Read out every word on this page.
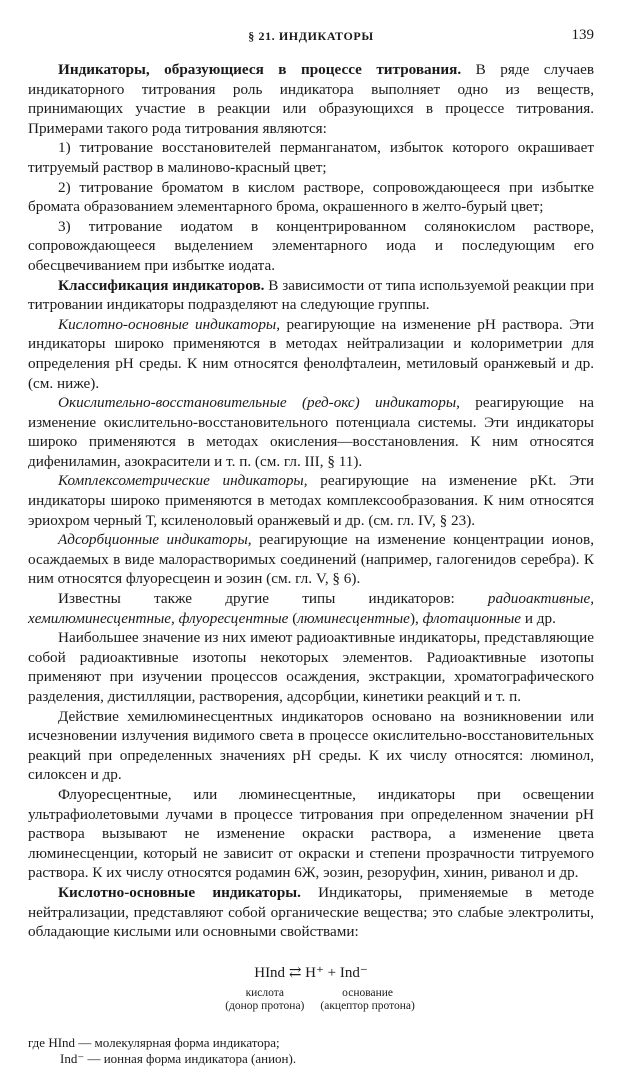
§ 21. ИНДИКАТОРЫ	139

Индикаторы, образующиеся в процессе титрования. В ряде случаев индикаторного титрования роль индикатора выполняет одно из веществ, принимающих участие в реакции или образующихся в процессе титрования. Примерами такого рода титрования являются:

1) титрование восстановителей перманганатом, избыток которого окрашивает титруемый раствор в малиново-красный цвет;

2) титрование броматом в кислом растворе, сопровождающееся при избытке бромата образованием элементарного брома, окрашенного в желто-бурый цвет;

3) титрование иодатом в концентрированном солянокислом растворе, сопровождающееся выделением элементарного иода и последующим его обесцвечиванием при избытке иодата.

Классификация индикаторов. В зависимости от типа используемой реакции при титровании индикаторы подразделяют на следующие группы.

Кислотно-основные индикаторы, реагирующие на изменение pH раствора. Эти индикаторы широко применяются в методах нейтрализации и колориметрии для определения pH среды. К ним относятся фенолфталеин, метиловый оранжевый и др. (см. ниже).

Окислительно-восстановительные (ред-окс) индикаторы, реагирующие на изменение окислительно-восстановительного потенциала системы. Эти индикаторы широко применяются в методах окисления—восстановления. К ним относятся дифениламин, азокрасители и т. п. (см. гл. III, § 11).

Комплексометрические индикаторы, реагирующие на изменение pKt. Эти индикаторы широко применяются в методах комплексообразования. К ним относятся эриохром черный Т, ксиленоловый оранжевый и др. (см. гл. IV, § 23).

Адсорбционные индикаторы, реагирующие на изменение концентрации ионов, осаждаемых в виде малорастворимых соединений (например, галогенидов серебра). К ним относятся флуоресцеин и эозин (см. гл. V, § 6).

Известны также другие типы индикаторов: радиоактивные, хемилюминесцентные, флуоресцентные (люминесцентные), флотационные и др.

Наибольшее значение из них имеют радиоактивные индикаторы, представляющие собой радиоактивные изотопы некоторых элементов. Радиоактивные изотопы применяют при изучении процессов осаждения, экстракции, хроматографического разделения, дистилляции, растворения, адсорбции, кинетики реакций и т. п.

Действие хемилюминесцентных индикаторов основано на возникновении или исчезновении излучения видимого света в процессе окислительно-восстановительных реакций при определенных значениях pH среды. К их числу относятся: люминол, силоксен и др.

Флуоресцентные, или люминесцентные, индикаторы при освещении ультрафиолетовыми лучами в процессе титрования при определенном значении pH раствора вызывают не изменение окраски раствора, а изменение цвета люминесценции, который не зависит от окраски и степени прозрачности титруемого раствора. К их числу относятся родамин 6Ж, эозин, резоруфин, хинин, риванол и др.

Кислотно-основные индикаторы. Индикаторы, применяемые в методе нейтрализации, представляют собой органические вещества; это слабые электролиты, обладающие кислыми или основными свойствами:

HInd ⇄ H⁺ + Ind⁻
кислота
(донор протона)
основание
(акцептор протона)
где HInd — молекулярная форма индикатора;
Ind⁻ — ионная форма индикатора (анион).
